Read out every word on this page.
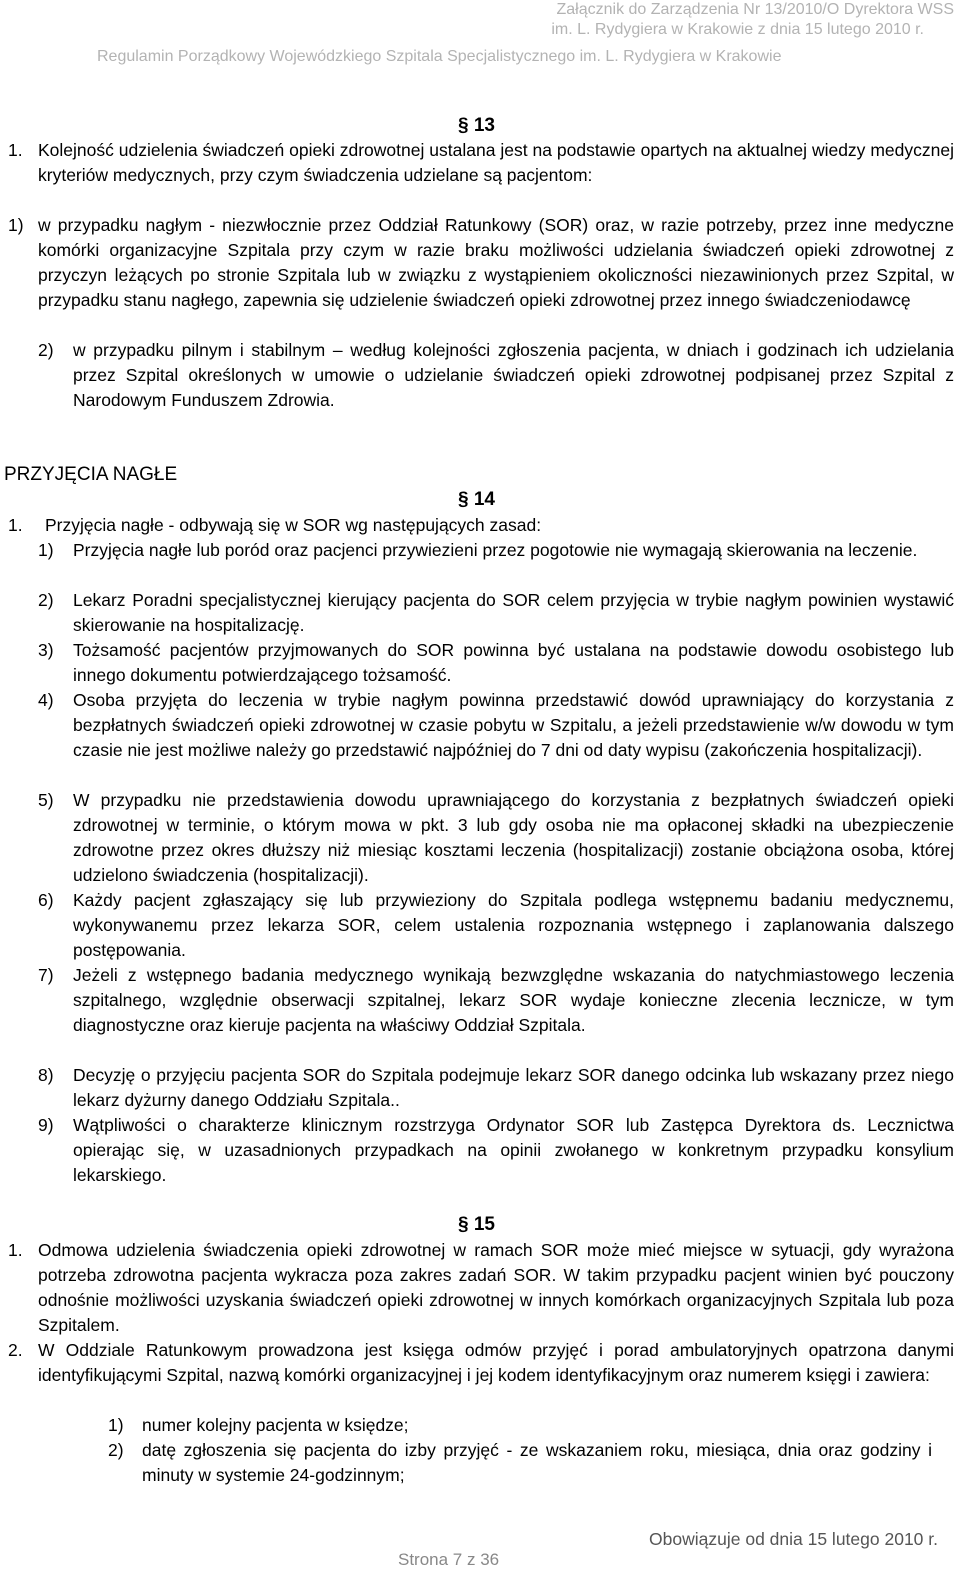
Załącznik do Zarządzenia Nr 13/2010/O Dyrektora WSS
im. L. Rydygiera w Krakowie z dnia 15 lutego 2010 r.
Regulamin Porządkowy Wojewódzkiego Szpitala Specjalistycznego im. L. Rydygiera w Krakowie
§ 13
1. Kolejność udzielenia świadczeń opieki zdrowotnej ustalana jest na podstawie opartych na aktualnej wiedzy medycznej kryteriów medycznych, przy czym świadczenia udzielane są pacjentom:
1) w przypadku nagłym - niezwłocznie przez Oddział Ratunkowy (SOR) oraz, w razie potrzeby, przez inne medyczne komórki organizacyjne Szpitala przy czym w razie braku możliwości udzielania świadczeń opieki zdrowotnej z przyczyn leżących po stronie Szpitala lub w związku z wystąpieniem okoliczności niezawinionych przez Szpital, w przypadku stanu nagłego, zapewnia się udzielenie świadczeń opieki zdrowotnej przez innego świadczeniodawcę
2) w przypadku pilnym i stabilnym – według kolejności zgłoszenia pacjenta, w dniach i godzinach ich udzielania przez Szpital określonych w umowie o udzielanie świadczeń opieki zdrowotnej podpisanej przez Szpital z Narodowym Funduszem Zdrowia.
PRZYJĘCIA NAGŁE
§ 14
1. Przyjęcia nagłe - odbywają się w SOR wg następujących zasad:
1) Przyjęcia nagłe lub poród oraz pacjenci przywiezieni przez pogotowie nie wymagają skierowania na leczenie.
2) Lekarz Poradni specjalistycznej kierujący pacjenta do SOR celem przyjęcia w trybie nagłym powinien wystawić skierowanie na hospitalizację.
3) Tożsamość pacjentów przyjmowanych do SOR powinna być ustalana na podstawie dowodu osobistego lub innego dokumentu potwierdzającego tożsamość.
4) Osoba przyjęta do leczenia w trybie nagłym powinna przedstawić dowód uprawniający do korzystania z bezpłatnych świadczeń opieki zdrowotnej w czasie pobytu w Szpitalu, a jeżeli przedstawienie w/w dowodu w tym czasie nie jest możliwe należy go przedstawić najpóźniej do 7 dni od daty wypisu (zakończenia hospitalizacji).
5) W przypadku nie przedstawienia dowodu uprawniającego do korzystania z bezpłatnych świadczeń opieki zdrowotnej w terminie, o którym mowa w pkt. 3 lub gdy osoba nie ma opłaconej składki na ubezpieczenie zdrowotne przez okres dłuższy niż miesiąc kosztami leczenia (hospitalizacji) zostanie obciążona osoba, której udzielono świadczenia (hospitalizacji).
6) Każdy pacjent zgłaszający się lub przywieziony do Szpitala podlega wstępnemu badaniu medycznemu, wykonywanemu przez lekarza SOR, celem ustalenia rozpoznania wstępnego i zaplanowania dalszego postępowania.
7) Jeżeli z wstępnego badania medycznego wynikają bezwzględne wskazania do natychmiastowego leczenia szpitalnego, względnie obserwacji szpitalnej, lekarz SOR wydaje konieczne zlecenia lecznicze, w tym diagnostyczne oraz kieruje pacjenta na właściwy Oddział Szpitala.
8) Decyzję o przyjęciu pacjenta SOR do Szpitala podejmuje lekarz SOR danego odcinka lub wskazany przez niego lekarz dyżurny danego Oddziału Szpitala..
9) Wątpliwości o charakterze klinicznym rozstrzyga Ordynator SOR lub Zastępca Dyrektora ds. Lecznictwa opierając się, w uzasadnionych przypadkach na opinii zwołanego w konkretnym przypadku konsylium lekarskiego.
§ 15
1. Odmowa udzielenia świadczenia opieki zdrowotnej w ramach SOR może mieć miejsce w sytuacji, gdy wyrażona potrzeba zdrowotna pacjenta wykracza poza zakres zadań SOR. W takim przypadku pacjent winien być pouczony odnośnie możliwości uzyskania świadczeń opieki zdrowotnej w innych komórkach organizacyjnych Szpitala lub poza Szpitalem.
2. W Oddziale Ratunkowym prowadzona jest księga odmów przyjęć i porad ambulatoryjnych opatrzona danymi identyfikującymi Szpital, nazwą komórki organizacyjnej i jej kodem identyfikacyjnym oraz numerem księgi i zawiera:
1) numer kolejny pacjenta w księdze;
2)	datę zgłoszenia się pacjenta do izby przyjęć - ze wskazaniem roku, miesiąca, dnia oraz godziny i minuty w systemie 24-godzinnym;
Obowiązuje od dnia 15 lutego 2010 r.
Strona 7 z 36
